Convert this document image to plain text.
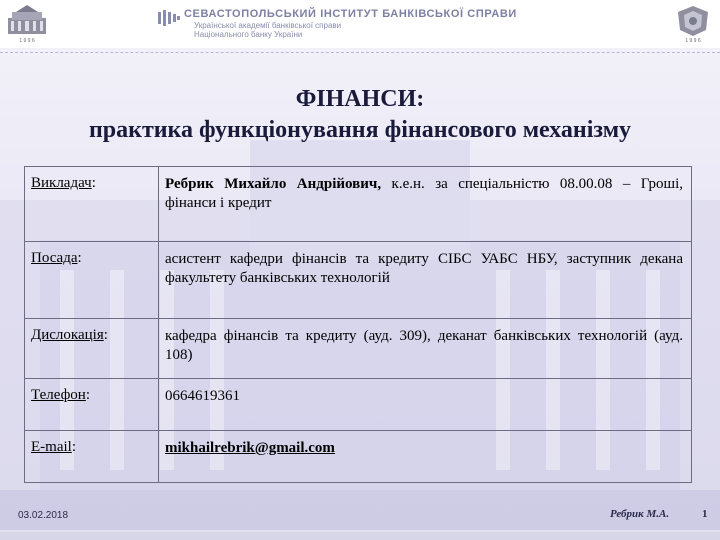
1 9 9 6
СЕВАСТОПОЛЬСЬКИЙ ІНСТИТУТ БАНКІВСЬКОЇ СПРАВИ
Української академії банківської справи
Національного банку України
1 9 9 6
ФІНАНСИ:
практика функціонування фінансового механізму
Викладач:	Ребрик Михайло Андрійович, к.е.н. за спеціальністю 08.00.08 – Гроші, фінанси і кредит
Посада:	асистент кафедри фінансів та кредиту СІБС УАБС НБУ, заступник декана факультету банківських технологій
Дислокація:	кафедра фінансів та кредиту (ауд. 309), деканат банківських технологій (ауд. 108)
Телефон:	0664619361
E-mail:	mikhailrebrik@gmail.com
03.02.2018	Ребрик М.А.	1
